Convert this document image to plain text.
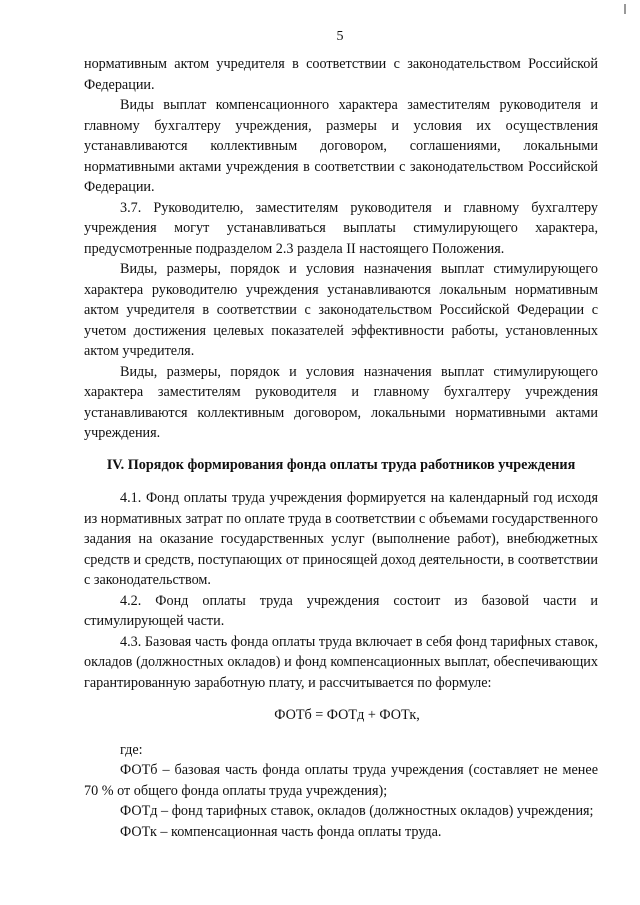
5

нормативным актом учредителя в соответствии с законодательством Российской Федерации.

Виды выплат компенсационного характера заместителям руководителя и главному бухгалтеру учреждения, размеры и условия их осуществления устанавливаются коллективным договором, соглашениями, локальными нормативными актами учреждения в соответствии с законодательством Российской Федерации.

3.7. Руководителю, заместителям руководителя и главному бухгалтеру учреждения могут устанавливаться выплаты стимулирующего характера, предусмотренные подразделом 2.3 раздела II настоящего Положения.

Виды, размеры, порядок и условия назначения выплат стимулирующего характера руководителю учреждения устанавливаются локальным нормативным актом учредителя в соответствии с законодательством Российской Федерации с учетом достижения целевых показателей эффективности работы, установленных актом учредителя.

Виды, размеры, порядок и условия назначения выплат стимулирующего характера заместителям руководителя и главному бухгалтеру учреждения устанавливаются коллективным договором, локальными нормативными актами учреждения.

IV. Порядок формирования фонда оплаты труда работников учреждения

4.1. Фонд оплаты труда учреждения формируется на календарный год исходя из нормативных затрат по оплате труда в соответствии с объемами государственного задания на оказание государственных услуг (выполнение работ), внебюджетных средств и средств, поступающих от приносящей доход деятельности, в соответствии с законодательством.

4.2. Фонд оплаты труда учреждения состоит из базовой части и стимулирующей части.

4.3. Базовая часть фонда оплаты труда включает в себя фонд тарифных ставок, окладов (должностных окладов) и фонд компенсационных выплат, обеспечивающих гарантированную заработную плату, и рассчитывается по формуле:

ФОТб = ФОТд + ФОТк,

где:

ФОТб – базовая часть фонда оплаты труда учреждения (составляет не менее 70 % от общего фонда оплаты труда учреждения);

ФОТд – фонд тарифных ставок, окладов (должностных окладов) учреждения;

ФОТк – компенсационная часть фонда оплаты труда.
